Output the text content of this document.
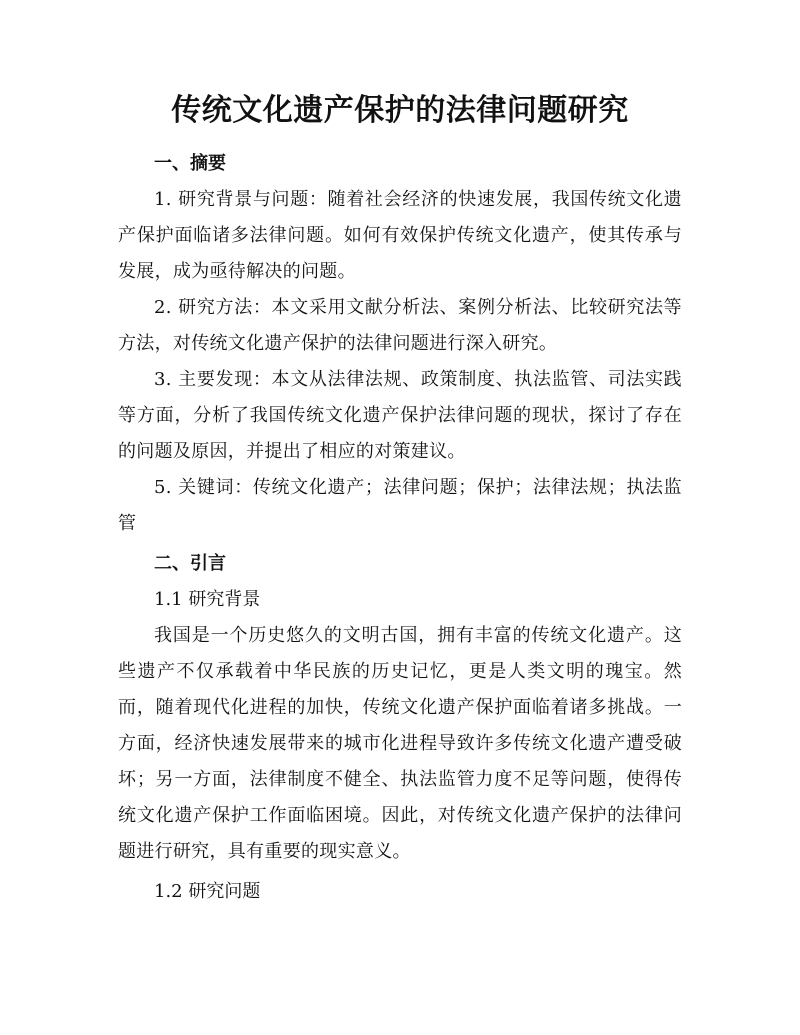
传统文化遗产保护的法律问题研究

一、摘要

1. 研究背景与问题：随着社会经济的快速发展，我国传统文化遗产保护面临诸多法律问题。如何有效保护传统文化遗产，使其传承与发展，成为亟待解决的问题。

2. 研究方法：本文采用文献分析法、案例分析法、比较研究法等方法，对传统文化遗产保护的法律问题进行深入研究。

3. 主要发现：本文从法律法规、政策制度、执法监管、司法实践等方面，分析了我国传统文化遗产保护法律问题的现状，探讨了存在的问题及原因，并提出了相应的对策建议。

5. 关键词：传统文化遗产；法律问题；保护；法律法规；执法监管

二、引言

1.1 研究背景

我国是一个历史悠久的文明古国，拥有丰富的传统文化遗产。这些遗产不仅承载着中华民族的历史记忆，更是人类文明的瑰宝。然而，随着现代化进程的加快，传统文化遗产保护面临着诸多挑战。一方面，经济快速发展带来的城市化进程导致许多传统文化遗产遭受破坏；另一方面，法律制度不健全、执法监管力度不足等问题，使得传统文化遗产保护工作面临困境。因此，对传统文化遗产保护的法律问题进行研究，具有重要的现实意义。

1.2 研究问题
